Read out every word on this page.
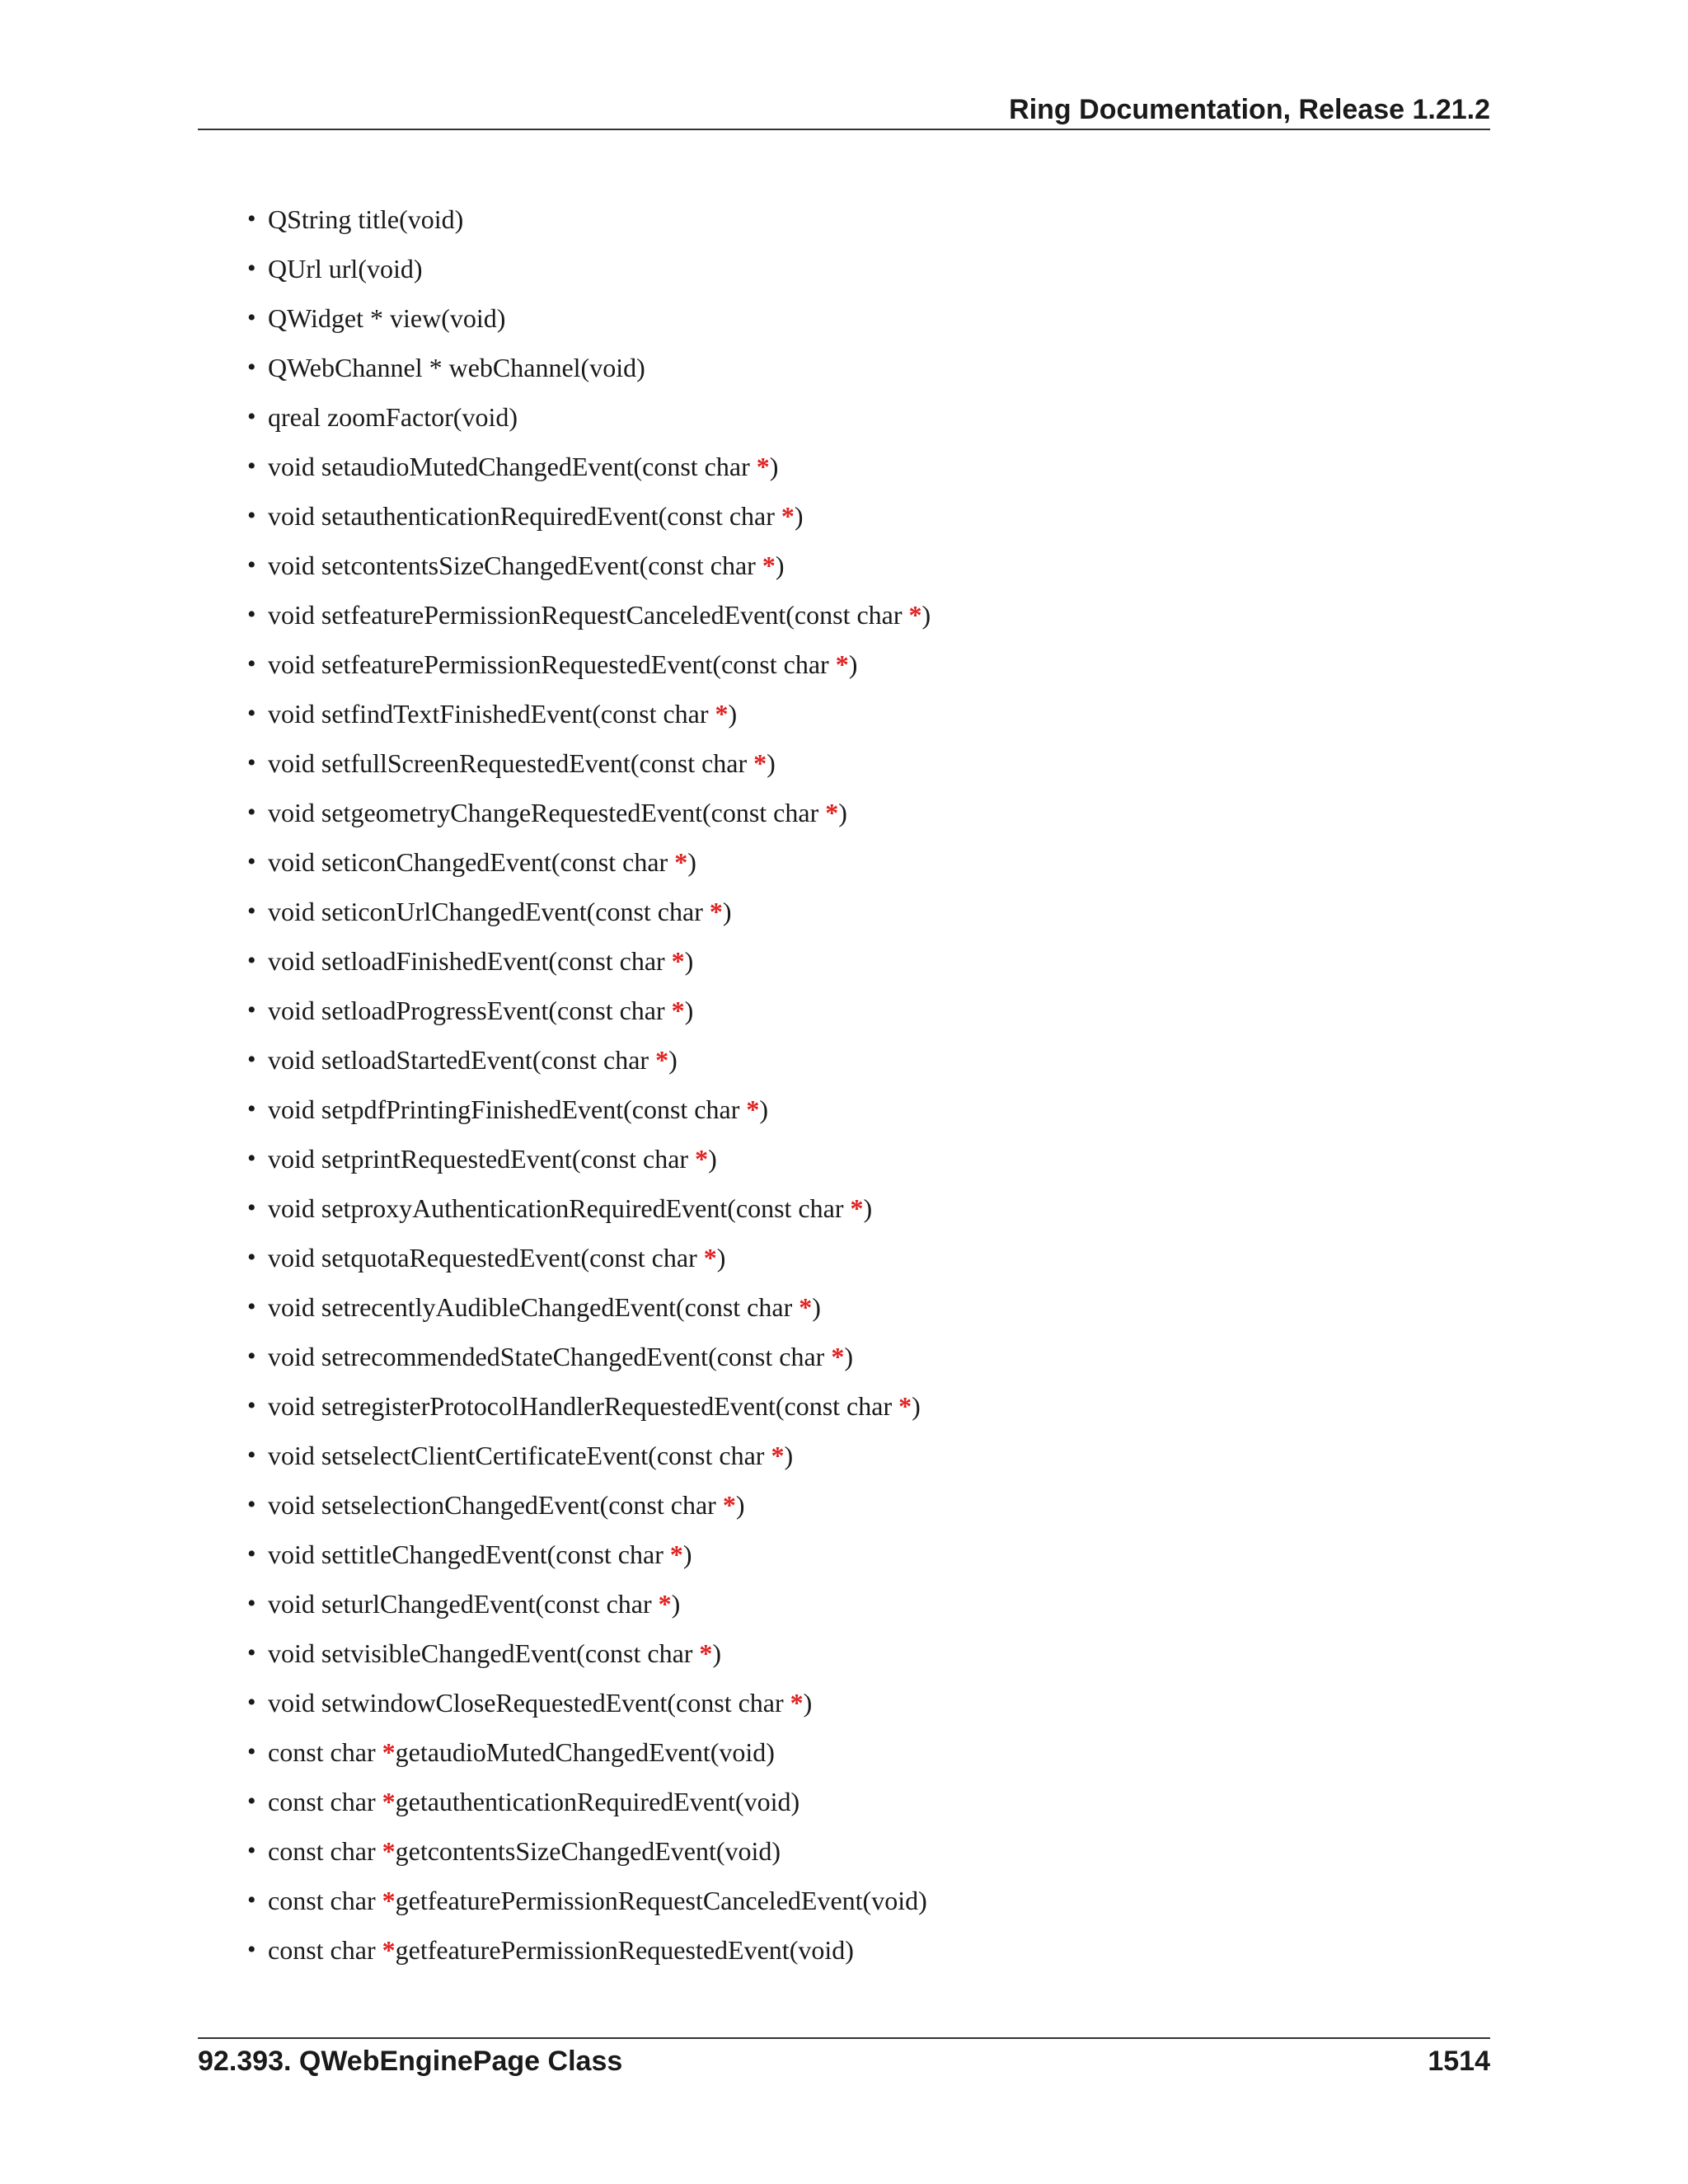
Ring Documentation, Release 1.21.2
• QString title(void)
• QUrl url(void)
• QWidget * view(void)
• QWebChannel * webChannel(void)
• qreal zoomFactor(void)
• void setaudioMutedChangedEvent(const char *)
• void setauthenticationRequiredEvent(const char *)
• void setcontentsSizeChangedEvent(const char *)
• void setfeaturePermissionRequestCanceledEvent(const char *)
• void setfeaturePermissionRequestedEvent(const char *)
• void setfindTextFinishedEvent(const char *)
• void setfullScreenRequestedEvent(const char *)
• void setgeometryChangeRequestedEvent(const char *)
• void seticonChangedEvent(const char *)
• void seticonUrlChangedEvent(const char *)
• void setloadFinishedEvent(const char *)
• void setloadProgressEvent(const char *)
• void setloadStartedEvent(const char *)
• void setpdfPrintingFinishedEvent(const char *)
• void setprintRequestedEvent(const char *)
• void setproxyAuthenticationRequiredEvent(const char *)
• void setquotaRequestedEvent(const char *)
• void setrecentlyAudibleChangedEvent(const char *)
• void setrecommendedStateChangedEvent(const char *)
• void setregisterProtocolHandlerRequestedEvent(const char *)
• void setselectClientCertificateEvent(const char *)
• void setselectionChangedEvent(const char *)
• void settitleChangedEvent(const char *)
• void seturlChangedEvent(const char *)
• void setvisibleChangedEvent(const char *)
• void setwindowCloseRequestedEvent(const char *)
• const char *getaudioMutedChangedEvent(void)
• const char *getauthenticationRequiredEvent(void)
• const char *getcontentsSizeChangedEvent(void)
• const char *getfeaturePermissionRequestCanceledEvent(void)
• const char *getfeaturePermissionRequestedEvent(void)
92.393. QWebEnginePage Class	1514
